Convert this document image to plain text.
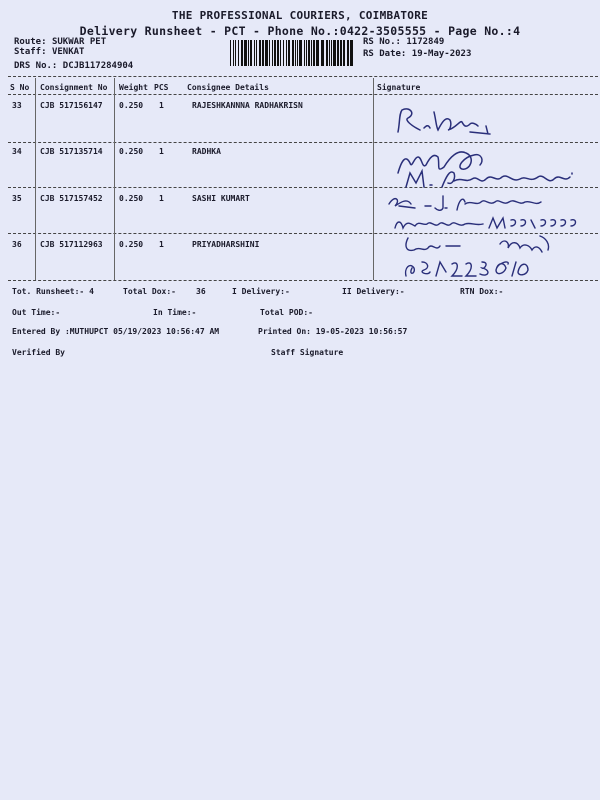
THE PROFESSIONAL COURIERS, COIMBATORE
Delivery Runsheet - PCT - Phone No.:0422-3505555 - Page No.:4
Route: SUKWAR PET
Staff: VENKAT
DRS No.: DCJB117284904
RS No.: 1172849
RS Date: 19-May-2023
S No Consignment No Weight PCS Consignee Details	Signature
33 CJB 517156147 0.250 1	RAJESHKANNNA RADHAKRISN
34 CJB 517135714 0.250 1	RADHKA
35 CJB 517157452 0.250 1	SASHI KUMART
36 CJB 517112963 0.250 1	PRIYADHARSHINI
Tot. Runsheet:- 4	Total Dox:-	36	I Delivery:-	II Delivery:-	RTN Dox:-
Out Time:-	In Time:-	Total POD:-
Entered By :MUTHUPCT 05/19/2023 10:56:47 AM	Printed On: 19-05-2023 10:56:57
Verified By	Staff Signature
